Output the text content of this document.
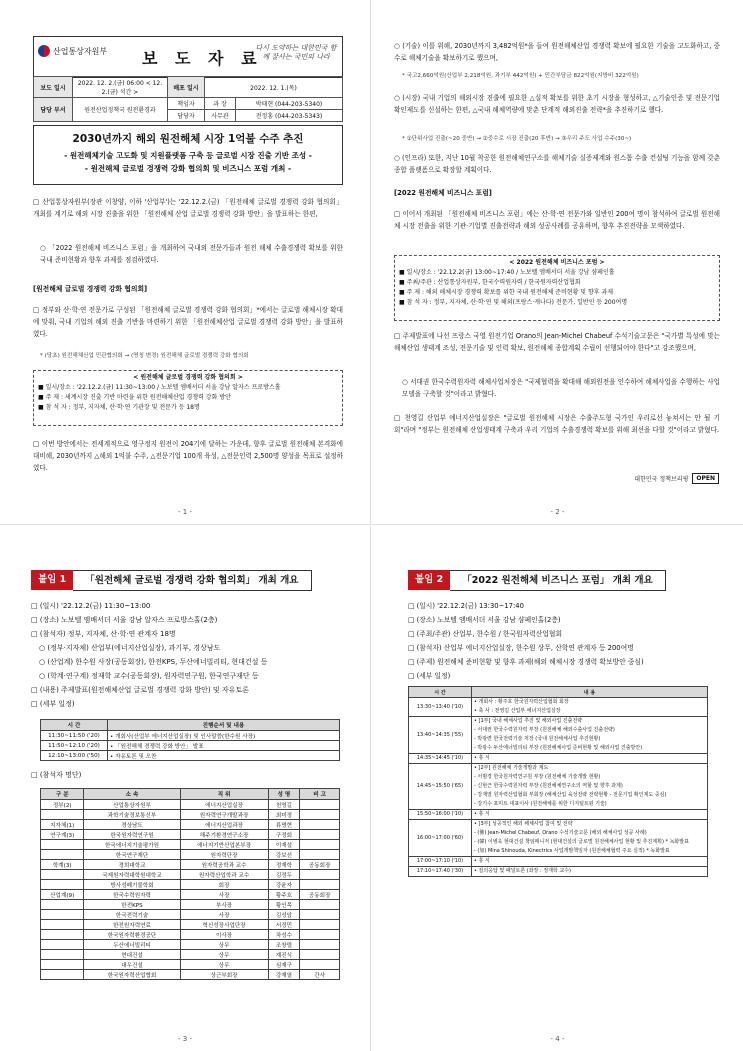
산업통상자원부 보 도 자 료
다시 도약하는 대한민국 함께 잘사는 국민의 나라
보도 일시	2022. 12. 2.(금) 06:00 < 12. 2.(금) 석간 >	배포 일시	2022. 12. 1.(목)	
담당 부서	원전산업정책국 원전환경과	책임자	과 장	박태현 (044-203-5340)
		담당자	사무관	전정홍 (044-203-5343)
2030년까지 해외 원전해체 시장 1억불 수주 추진
- 원전해체기술 고도화 및 지원플랫폼 구축 등 글로벌 시장 진출 기반 조성 -
- 원전해체 글로벌 경쟁력 강화 협의회 및 비즈니스 포럼 개최 -
□ 산업통상자원부(장관 이창양, 이하 '산업부')는 '22.12.2.(금) 「원전해체 글로벌 경쟁력 강화 협의회」 개최를 계기로 해외 시장 진출을 위한 「원전해체 산업 글로벌 경쟁력 강화 방안」을 발표하는 한편,
○ 「2022 원전해체 비즈니스 포럼」을 개최하여 국내외 전문가들과 원전 해체 수출경쟁력 확보를 위한 국내 준비현황과 향후 과제를 점검하였다.
[원전해체 글로벌 경쟁력 강화 협의회]
□ 정부와 산·학·연 전문가로 구성된 「원전해체 글로벌 경쟁력 강화 협의회」*에서는 글로벌 해체시장 확대에 맞춰, 국내 기업의 해외 진출 기반을 마련하기 위한 「원전해체산업 글로벌 경쟁력 강화 방안」을 발표하였다.
* (당초) 원전해체산업 민관협의회 → (명칭 변경) 원전해체 글로벌 경쟁력 강화 협의회
< 원전해체 글로벌 경쟁력 강화 협의회 >
■ 일시/장소 : '22.12.2.(금) 11:30~13:00 / 노보텔 앰배서더 서울 강남 알자스 프로방스홀
■ 주 제 : 세계시장 진출 기반 마련을 위한 원전해체산업 경쟁력 강화 방안
■ 참 석 자 : 정부, 지자체, 산·학·연 기관장 및 전문가 등 18명
□ 이번 방안에서는 전세계적으로 영구정지 원전이 204기에 달하는 가운데, 향후 글로벌 원전해체 본격화에 대비해, 2030년까지 △해외 1억불 수주, △전문기업 100개 육성, △전문인력 2,500명 양성을 목표로 설정하였다.
- 1 -
○ (기술) 이를 위해, 2030년까지 3,482억원*을 들여 원전해체산업 경쟁력 확보에 필요한 기술을 고도화하고, 중수로 해체기술을 확보하기로 했으며,
* 국고2,660억원(산업부 2,218억원, 과기부 442억원) + 민간부담금 822억원(지방비 322억원)
○ (시장) 국내 기업의 해외시장 진출에 필요한 △실적 확보를 위한 초기 시장을 형성하고, △기술인증 및 전문기업 확인제도를 신설하는 한편, △국내 해체역량에 맞춘 단계적 해외진출 전략*을 추진하기로 했다.
* ①단위사업 진출(~20 중반) → ②중수로 시장 진출(20 후반) → ③우리 주도 사업 수주(30~)
○ (인프라) 또한, 지난 10월 착공한 원전해체연구소를 해체기술 실증제계와 원스톱 수출 컨설팅 기능을 함께 갖춘 종합 플랫폼으로 확장할 계획이다.
[2022 원전해체 비즈니스 포럼]
□ 이어서 개최된 「원전해체 비즈니스 포럼」에는 산·학·연 전문가와 일반인 200여 명이 참석하여 글로벌 원전해체 시장 전출을 위한 기관·기업별 진출전략과 해외 성공사례를 공유하며, 향후 추진전략을 모색하였다.
< 2022 원전해체 비즈니스 포럼 >
■ 일시/장소 : '22.12.2(금) 13:00~17:40 / 노보텔 앰배서더 서울 강남 샴페인홀
■ 주최/주관 : 산업통상자원부, 한국수력원자력 / 한국원자력산업협회
■ 주 제 : 해외 해체시장 경쟁력 확보를 위한 국내 원전해체 준비현황 및 향후 과제
■ 참 석 자 : 정부, 지자체, 산·학·연 및 해외(프랑스·캐나다) 전문가, 일반인 등 200여명
□ 주제발표에 나선 프랑스 국영 원전기업 Orano의 Jean-Michel Chabeuf 수석기술고문은 "국가별 특성에 맞는 해체산업 생태계 조성, 전문기술 및 인력 확보, 원전해체 종합계획 수립이 선행되어야 한다"고 강조했으며,
○ 서대권 한국수력원자력 해체사업처장은 "국제협력을 확대해 해외원전을 인수하여 해체사업을 수행하는 사업모델을 구축할 것"이라고 밝혔다.
□ 천영길 산업부 에너지산업실장은 "글로벌 원전해체 시장은 수출주도형 국가인 우리로선 놓쳐서는 안 될 기회"라며 "정부는 원전해체 산업생태계 구축과 우리 기업의 수출경쟁력 확보를 위해 최선을 다할 것"이라고 밝혔다.
대한민국 정책브리핑	OPEN
- 2 -
붙임 1	「원전해체 글로벌 경쟁력 강화 협의회」 개최 개요
□ (일시) '22.12.2(금) 11:30~13:00
□ (장소) 노보텔 앰배서더 서울 강남 알자스 프로방스홀(2층)
□ (참석자) 정부, 지자체, 산·학·연 관계자 18명
○ (정부·지자체) 산업부(에너지산업실장), 과기부, 경상남도
○ (산업계) 한수원 사장(공동회장), 한전KPS, 두산에너빌리티, 현대건설 등
○ (학계·연구계) 정재학 교수(공동회장), 원자력연구원, 한국연구재단 등
□ (내용) 주제발표(원전해체산업 글로벌 경쟁력 강화 방안) 및 자유토론
□ (세부 일정)
시 간	진행순서 및 내용
11:30~11:50 ('20)	• 개회사(산업부 에너지산업실장) 및 인사말씀(한수원 사장)
11:50~12:10 ('20)	• 「원전해체 경쟁력 강화 방안」 발표
12:10~13:00 ('50)	• 자유토론 및 오찬
□ (참석자 명단)
구 분	소 속	직 위	성 명	비 고
정부(2)	산업통상자원부	에너지산업실장	천영길	
	과학기술정보통신부	원자력연구개발과장	최미정	
지자체(1)	경상남도	에너지산업과장	류명현	
연구계(3)	한국원자력연구원	해주기환경연구소장	구정회	
	한국에너지기술평가원	에너지기반산업본부장	이재설	
	한국연구재단	원자력단장	강보선	
학계(3)	경희대학교	원자력공학과 교수	정재학	공동회장
	국제원자력대학원대학교	원자력산업학과 교수	김정두	
	방사성폐기물학회	회장	강윤자	
산업계(9)	한국수력원자력	사장	황주호	공동회장
	한전KPS	부사장	황인목	
	한국전력기술	사장	김성암	
	한전원자력연료	혁신성장사업단장	서정민	
	한국원자력환경공단	이사장	차성수	
	두산에너빌리티	상무	조창렬	
	현대건설	상무	재진식	
	대우건설	상무	심재구	
	한국원자력산업협회	상근부회장	강재열	간사
- 3 -
붙임 2	「2022 원전해체 비즈니스 포럼」 개최 개요
□ (일시) '22.12.2(금) 13:30~17:40
□ (장소) 노보텔 앰배서더 서울 강남 샴페인홀(2층)
□ (주최/주관) 산업부, 한수원 / 한국원자력산업협회
□ (참석자) 산업부 에너지산업실장, 한수원 상무, 산학연 관계자 등 200여명
□ (주제) 원전해체 준비현황 및 향후 과제(해외 해체시장 경쟁력 확보방안 중심)
□ (세부 일정)
시 간	내 용
13:30~13:40 ('10)	• 개회사 : 황주호 한국원자력산업협회 회장
• 축 사 : 천영길 산업부 에너지산업실장
13:40~14:35 ('55)	• [1부] 국내 해체사업 추진 및 해외사업 진출전략
- 서대권 한국수력원자력 부장 (원전해체 해외수출사업 진출전략)
- 박광련 한국전력기술 처장 (국내 원전해체사업 추진현황)
- 박광수 두산에너빌리티 부장 (원전해체사업 준비현황 및 해외사업 진출방안)
14:35~14:45 ('10)	• 휴 식
14:45~15:50 ('65)	• [2부] 원전해체 기술개발과 제도
- 서범경 한국원자력연구원 부장 (원전해체 기술개발 현황)
- 신현근 한국수력원자력 부장 (원전해체연구소의 역할 및 향후 과제)
- 강재열 원자력산업협회 부회장 (해체산업 육성전략 전략현황 - 전문기업 확인제도 중심)
- 강기수 포미트 대표이사 (원전해체를 위한 디지털트윈 기술)
15:50~16:00 ('10)	• 휴 식
16:00~17:00 ('60)	• [3부] 성공적인 해외 해체사업 참여 및 전략
- (佛) Jean-Michel Chabeuf, Orano 수석기술고문 (해외 해체사업 성공 사례)
- (韓) 이병욱 현대건설 책임매니저 (현대건설의 글로벌 원전해체사업 현황 및 추진계획) * 녹화발표
- (加) Mina Shinouda, Kinectrics 사업개발책임자 (원전해체협력 주요 실적) * 녹화발표
17:00~17:10 ('10)	• 휴 식
17:10~17:40 ('30)	• 질의응답 및 패널토론 (좌장 : 정재학 교수)
- 4 -
